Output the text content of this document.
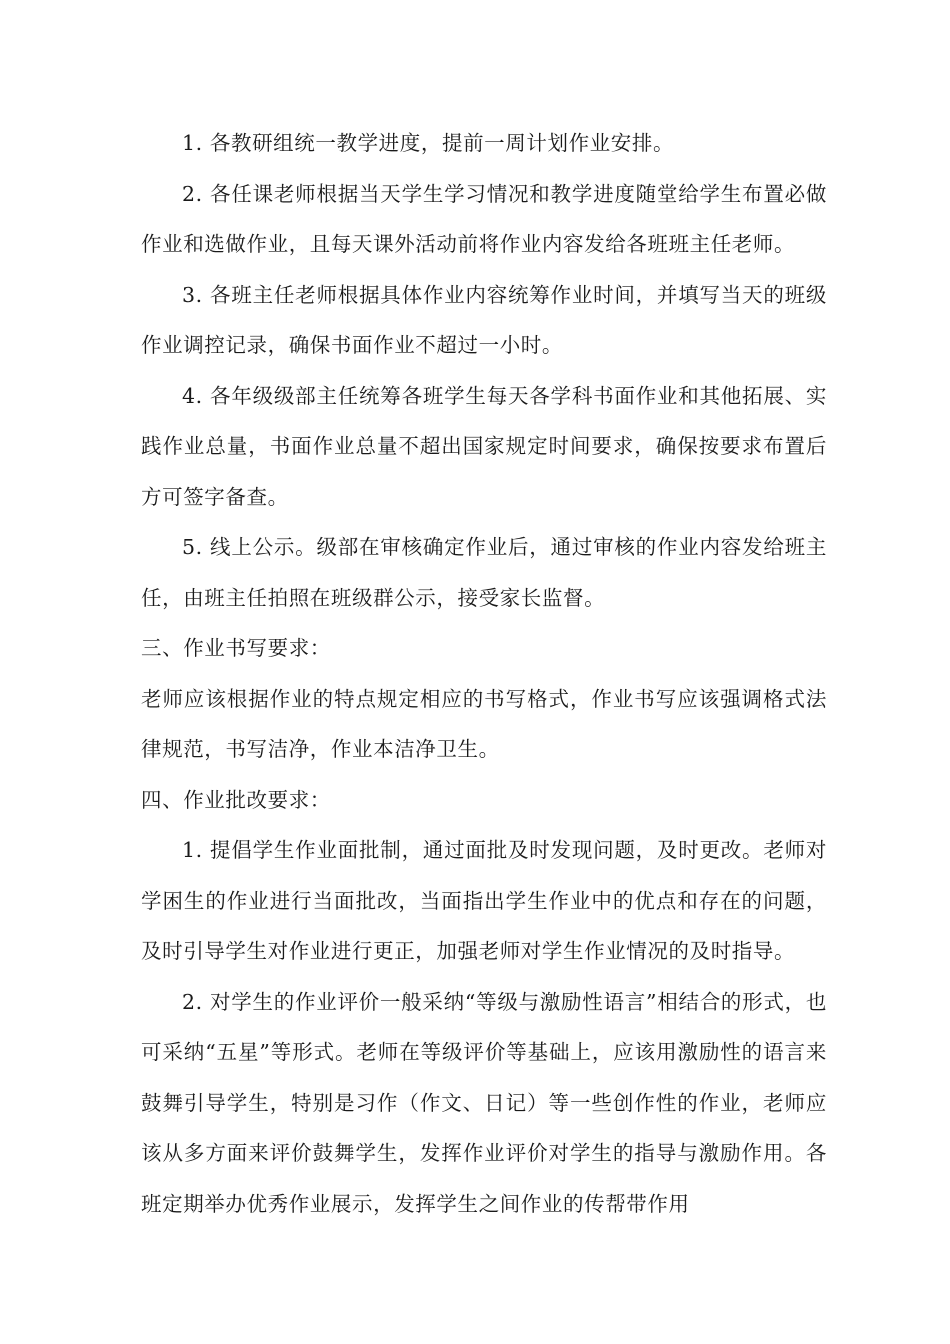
1. 各教研组统一教学进度，提前一周计划作业安排。

2. 各任课老师根据当天学生学习情况和教学进度随堂给学生布置必做作业和选做作业，且每天课外活动前将作业内容发给各班班主任老师。

3. 各班主任老师根据具体作业内容统筹作业时间，并填写当天的班级作业调控记录，确保书面作业不超过一小时。

4. 各年级级部主任统筹各班学生每天各学科书面作业和其他拓展、实践作业总量，书面作业总量不超出国家规定时间要求，确保按要求布置后方可签字备查。

5. 线上公示。级部在审核确定作业后，通过审核的作业内容发给班主任，由班主任拍照在班级群公示，接受家长监督。

三、作业书写要求：

老师应该根据作业的特点规定相应的书写格式，作业书写应该强调格式法律规范，书写洁净，作业本洁净卫生。

四、作业批改要求：

1. 提倡学生作业面批制，通过面批及时发现问题，及时更改。老师对学困生的作业进行当面批改，当面指出学生作业中的优点和存在的问题，及时引导学生对作业进行更正，加强老师对学生作业情况的及时指导。

2. 对学生的作业评价一般采纳“等级与激励性语言”相结合的形式，也可采纳“五星”等形式。老师在等级评价等基础上，应该用激励性的语言来鼓舞引导学生，特别是习作（作文、日记）等一些创作性的作业，老师应该从多方面来评价鼓舞学生，发挥作业评价对学生的指导与激励作用。各班定期举办优秀作业展示，发挥学生之间作业的传帮带作用
